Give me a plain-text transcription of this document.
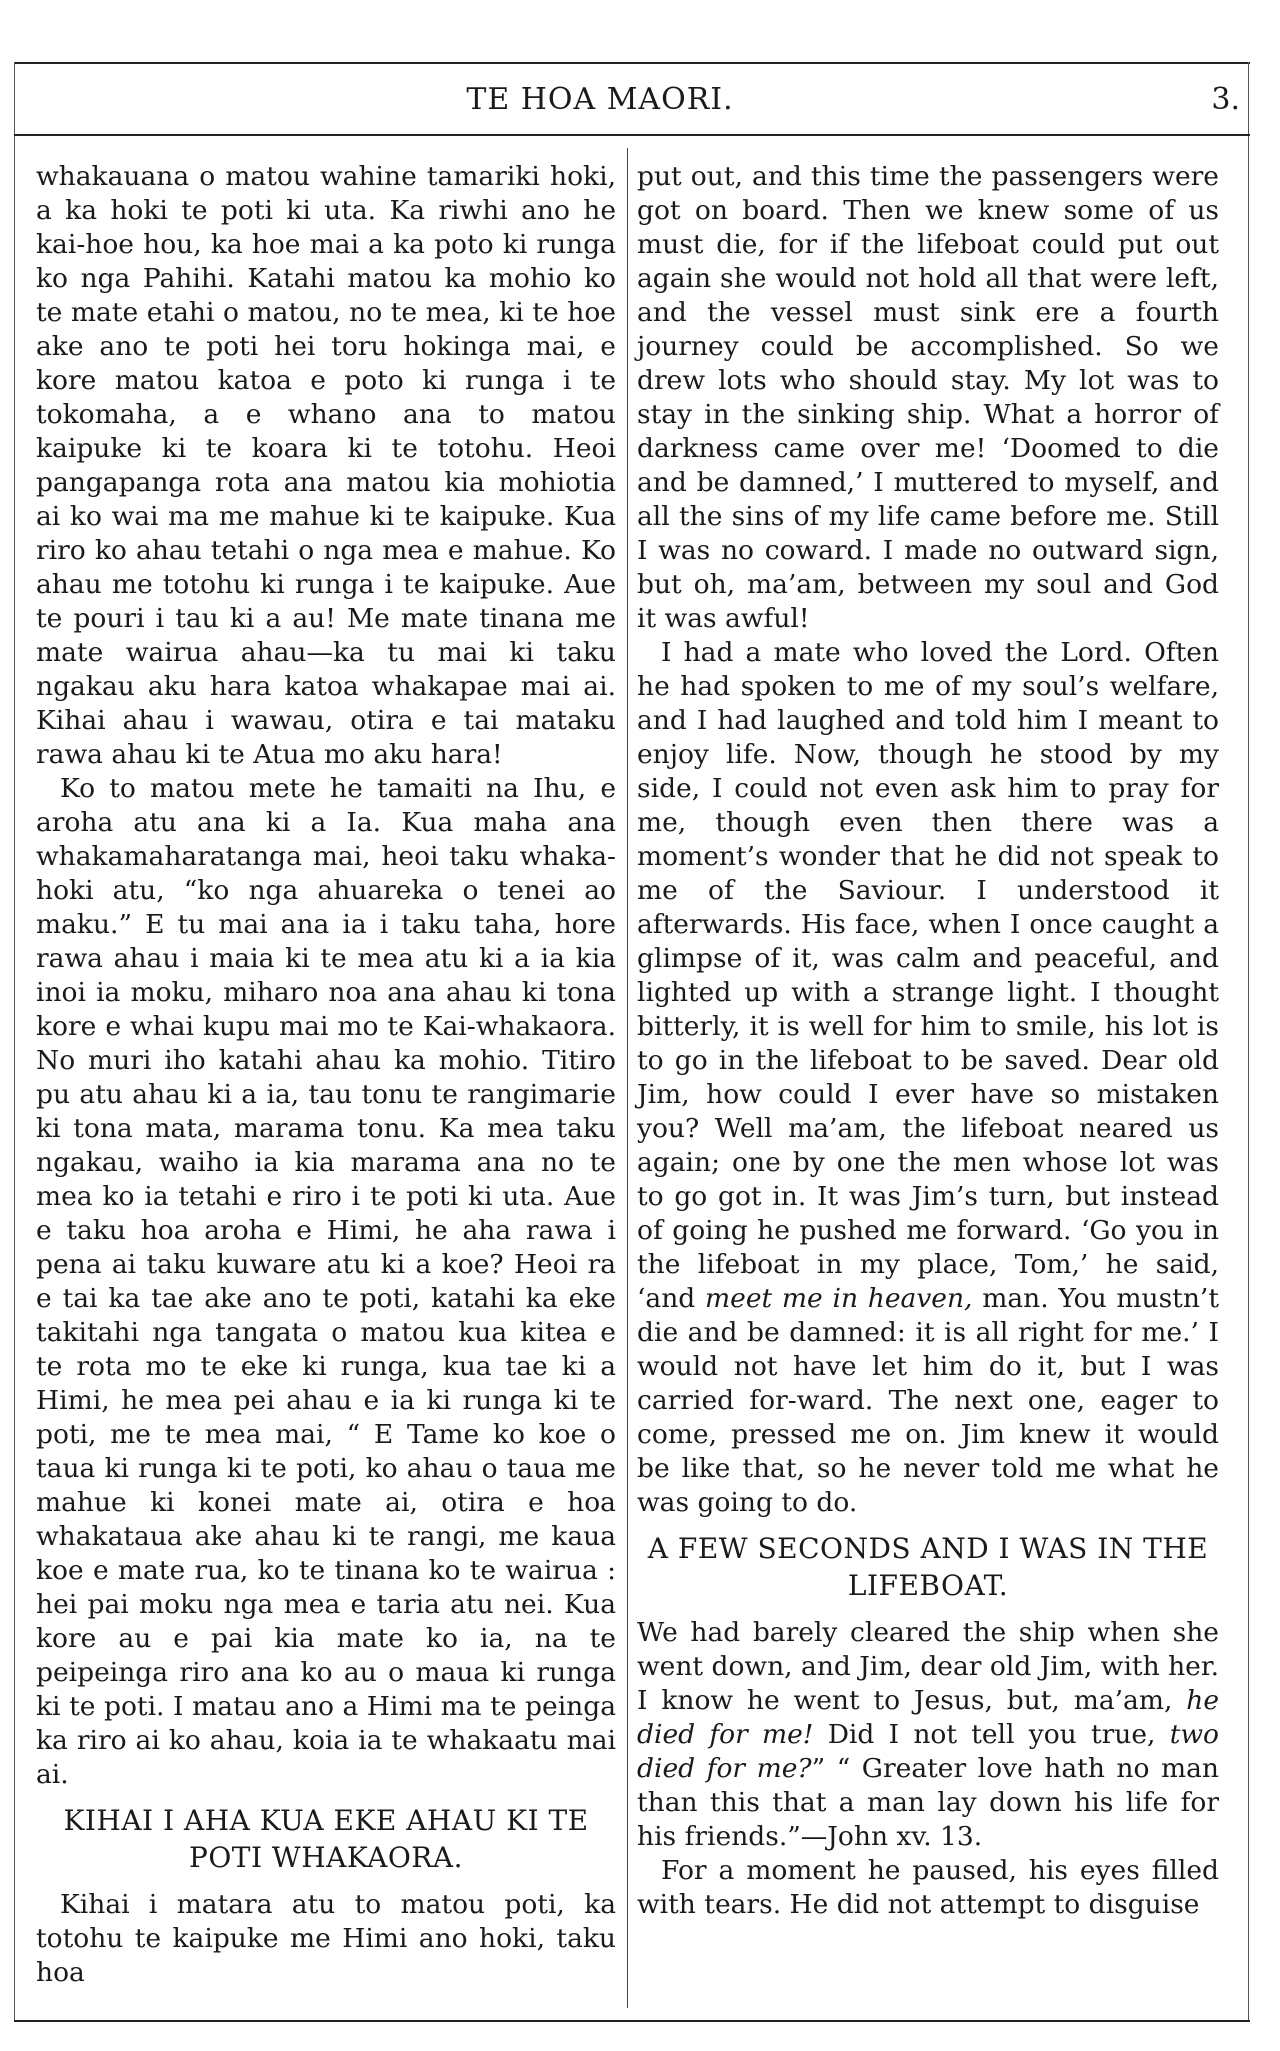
TE HOA MAORI.	3.

whakauana o matou wahine tamariki hoki, a ka hoki te poti ki uta. Ka riwhi ano he kai-hoe hou, ka hoe mai a ka poto ki runga ko nga Pahihi. Katahi matou ka mohio ko te mate etahi o matou, no te mea, ki te hoe ake ano te poti hei toru hokinga mai, e kore matou katoa e poto ki runga i te tokomaha, a e whano ana to matou kaipuke ki te koara ki te totohu. Heoi pangapanga rota ana matou kia mohiotia ai ko wai ma me mahue ki te kaipuke. Kua riro ko ahau tetahi o nga mea e mahue. Ko ahau me totohu ki runga i te kaipuke. Aue te pouri i tau ki a au! Me mate tinana me mate wairua ahau—ka tu mai ki taku ngakau aku hara katoa whakapae mai ai. Kihai ahau i wawau, otira e tai mataku rawa ahau ki te Atua mo aku hara!

Ko to matou mete he tamaiti na Ihu, e aroha atu ana ki a Ia. Kua maha ana whakamaharatanga mai, heoi taku whaka-hoki atu, “ko nga ahuareka o tenei ao maku.” E tu mai ana ia i taku taha, hore rawa ahau i maia ki te mea atu ki a ia kia inoi ia moku, miharo noa ana ahau ki tona kore e whai kupu mai mo te Kai-whakaora. No muri iho katahi ahau ka mohio. Titiro pu atu ahau ki a ia, tau tonu te rangimarie ki tona mata, marama tonu. Ka mea taku ngakau, waiho ia kia marama ana no te mea ko ia tetahi e riro i te poti ki uta. Aue e taku hoa aroha e Himi, he aha rawa i pena ai taku kuware atu ki a koe? Heoi ra e tai ka tae ake ano te poti, katahi ka eke takitahi nga tangata o matou kua kitea e te rota mo te eke ki runga, kua tae ki a Himi, he mea pei ahau e ia ki runga ki te poti, me te mea mai, “ E Tame ko koe o taua ki runga ki te poti, ko ahau o taua me mahue ki konei mate ai, otira e hoa whakataua ake ahau ki te rangi, me kaua koe e mate rua, ko te tinana ko te wairua : hei pai moku nga mea e taria atu nei. Kua kore au e pai kia mate ko ia, na te peipeinga riro ana ko au o maua ki runga ki te poti. I matau ano a Himi ma te peinga ka riro ai ko ahau, koia ia te whakaatu mai ai.

KIHAI I AHA KUA EKE AHAU KI TE POTI WHAKAORA.

Kihai i matara atu to matou poti, ka totohu te kaipuke me Himi ano hoki, taku hoa

put out, and this time the passengers were got on board. Then we knew some of us must die, for if the lifeboat could put out again she would not hold all that were left, and the vessel must sink ere a fourth journey could be accomplished. So we drew lots who should stay. My lot was to stay in the sinking ship. What a horror of darkness came over me! ‘Doomed to die and be damned,’ I muttered to myself, and all the sins of my life came before me. Still I was no coward. I made no outward sign, but oh, ma’am, between my soul and God it was awful!

I had a mate who loved the Lord. Often he had spoken to me of my soul’s welfare, and I had laughed and told him I meant to enjoy life. Now, though he stood by my side, I could not even ask him to pray for me, though even then there was a moment’s wonder that he did not speak to me of the Saviour. I understood it afterwards. His face, when I once caught a glimpse of it, was calm and peaceful, and lighted up with a strange light. I thought bitterly, it is well for him to smile, his lot is to go in the lifeboat to be saved. Dear old Jim, how could I ever have so mistaken you? Well ma’am, the lifeboat neared us again; one by one the men whose lot was to go got in. It was Jim’s turn, but instead of going he pushed me forward. ‘Go you in the lifeboat in my place, Tom,’ he said, ‘and meet me in heaven, man. You mustn’t die and be damned: it is all right for me.’ I would not have let him do it, but I was carried for-ward. The next one, eager to come, pressed me on. Jim knew it would be like that, so he never told me what he was going to do.

A FEW SECONDS AND I WAS IN THE LIFEBOAT.

We had barely cleared the ship when she went down, and Jim, dear old Jim, with her. I know he went to Jesus, but, ma’am, he died for me! Did I not tell you true, two died for me?” “ Greater love hath no man than this that a man lay down his life for his friends.”—John xv. 13.

For a moment he paused, his eyes filled with tears. He did not attempt to disguise
